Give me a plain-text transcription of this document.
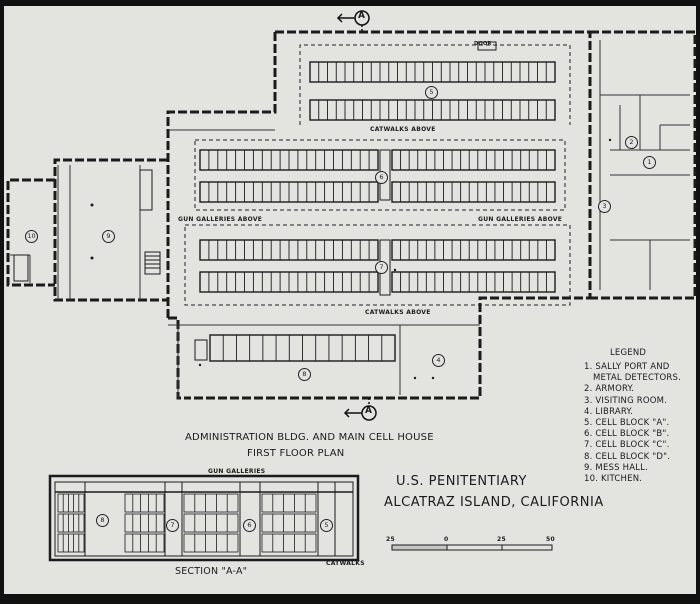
A
A
1
2
3
4
5
6
7
8
9
10
CATWALKS ABOVE
GUN GALLERIES ABOVE	GUN GALLERIES ABOVE
CATWALKS ABOVE
DOOR
ADMINISTRATION BLDG. AND MAIN CELL HOUSE
FIRST FLOOR PLAN
U.S. PENITENTIARY
ALCATRAZ ISLAND, CALIFORNIA
GUN GALLERIES
CATWALKS
SECTION "A-A"
8
7	6	5
25	0	25	50
LEGEND
1. SALLY PORT AND
METAL DETECTORS.
2. ARMORY.
3. VISITING ROOM.
4. LIBRARY.
5. CELL BLOCK "A".
6. CELL BLOCK "B".
7. CELL BLOCK "C".
8. CELL BLOCK "D".
9. MESS HALL.
10. KITCHEN.
